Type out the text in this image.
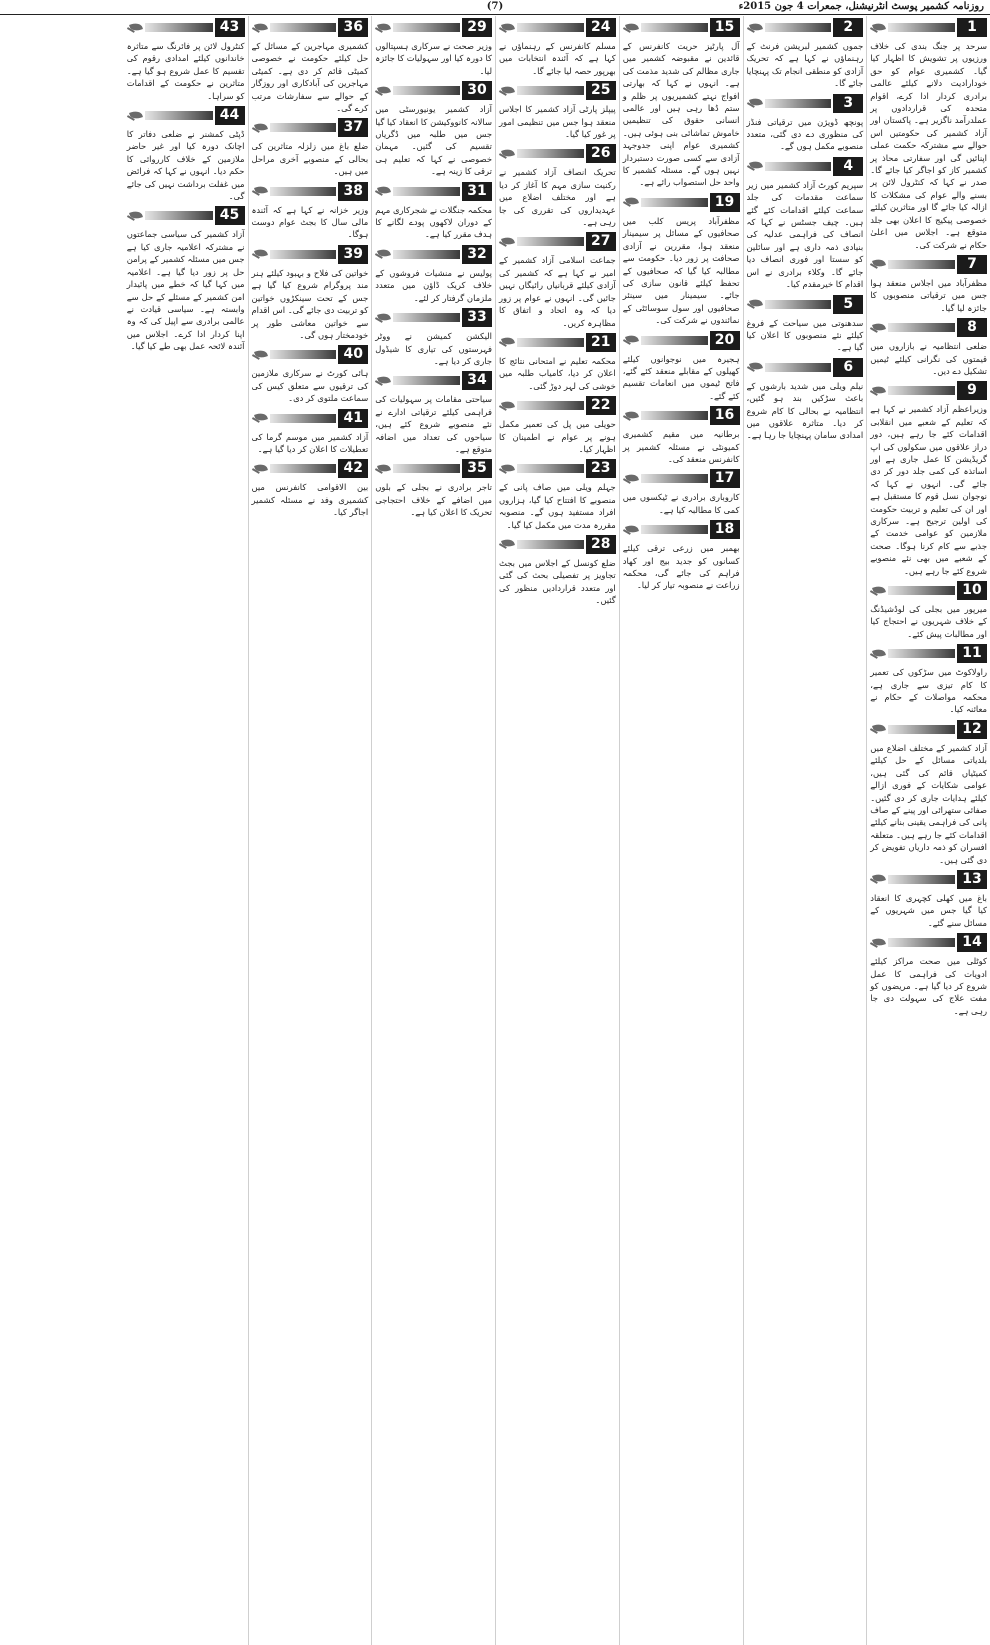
(7)	روزنامہ کشمیر پوسٹ انٹرنیشنل، جمعرات 4 جون 2015ء
1
سرحد پر جنگ بندی کی خلاف ورزیوں پر تشویش کا اظہار کیا گیا۔ کشمیری عوام کو حق خودارادیت دلانے کیلئے عالمی برادری کردار ادا کرے، اقوام متحدہ کی قراردادوں پر عملدرآمد ناگزیر ہے۔ پاکستان اور آزاد کشمیر کی حکومتیں اس حوالے سے مشترکہ حکمت عملی اپنائیں گی اور سفارتی محاذ پر کشمیر کاز کو اجاگر کیا جائے گا۔ صدر نے کہا کہ کنٹرول لائن پر بسنے والے عوام کی مشکلات کا ازالہ کیا جائے گا اور متاثرین کیلئے خصوصی پیکیج کا اعلان بھی جلد متوقع ہے۔ اجلاس میں اعلیٰ حکام نے شرکت کی۔
7
مظفرآباد میں اجلاس منعقد ہوا جس میں ترقیاتی منصوبوں کا جائزہ لیا گیا۔
8
ضلعی انتظامیہ نے بازاروں میں قیمتوں کی نگرانی کیلئے ٹیمیں تشکیل دے دیں۔
9
وزیراعظم آزاد کشمیر نے کہا ہے کہ تعلیم کے شعبے میں انقلابی اقدامات کئے جا رہے ہیں، دور دراز علاقوں میں سکولوں کی اپ گریڈیشن کا عمل جاری ہے اور اساتذہ کی کمی جلد دور کر دی جائے گی۔ انہوں نے کہا کہ نوجوان نسل قوم کا مستقبل ہے اور ان کی تعلیم و تربیت حکومت کی اولین ترجیح ہے۔ سرکاری ملازمین کو عوامی خدمت کے جذبے سے کام کرنا ہوگا۔ صحت کے شعبے میں بھی نئے منصوبے شروع کئے جا رہے ہیں۔
10
میرپور میں بجلی کی لوڈشیڈنگ کے خلاف شہریوں نے احتجاج کیا اور مطالبات پیش کئے۔
11
راولاکوٹ میں سڑکوں کی تعمیر کا کام تیزی سے جاری ہے، محکمہ مواصلات کے حکام نے معائنہ کیا۔
12
آزاد کشمیر کے مختلف اضلاع میں بلدیاتی مسائل کے حل کیلئے کمیٹیاں قائم کی گئی ہیں، عوامی شکایات کے فوری ازالے کیلئے ہدایات جاری کر دی گئیں۔ صفائی ستھرائی اور پینے کے صاف پانی کی فراہمی یقینی بنانے کیلئے اقدامات کئے جا رہے ہیں۔ متعلقہ افسران کو ذمہ داریاں تفویض کر دی گئی ہیں۔
13
باغ میں کھلی کچہری کا انعقاد کیا گیا جس میں شہریوں کے مسائل سنے گئے۔
14
کوٹلی میں صحت مراکز کیلئے ادویات کی فراہمی کا عمل شروع کر دیا گیا ہے۔ مریضوں کو مفت علاج کی سہولت دی جا رہی ہے۔
2
جموں کشمیر لبریشن فرنٹ کے رہنماؤں نے کہا ہے کہ تحریک آزادی کو منطقی انجام تک پہنچایا جائے گا۔
3
پونچھ ڈویژن میں ترقیاتی فنڈز کی منظوری دے دی گئی، متعدد منصوبے مکمل ہوں گے۔
4
سپریم کورٹ آزاد کشمیر میں زیر سماعت مقدمات کی جلد سماعت کیلئے اقدامات کئے گئے ہیں۔ چیف جسٹس نے کہا کہ انصاف کی فراہمی عدلیہ کی بنیادی ذمہ داری ہے اور سائلین کو سستا اور فوری انصاف دیا جائے گا۔ وکلاء برادری نے اس اقدام کا خیرمقدم کیا۔
5
سدھنوتی میں سیاحت کے فروغ کیلئے نئے منصوبوں کا اعلان کیا گیا ہے۔
6
نیلم ویلی میں شدید بارشوں کے باعث سڑکیں بند ہو گئیں، انتظامیہ نے بحالی کا کام شروع کر دیا۔ متاثرہ علاقوں میں امدادی سامان پہنچایا جا رہا ہے۔
15
آل پارٹیز حریت کانفرنس کے قائدین نے مقبوضہ کشمیر میں جاری مظالم کی شدید مذمت کی ہے۔ انہوں نے کہا کہ بھارتی افواج نہتے کشمیریوں پر ظلم و ستم ڈھا رہی ہیں اور عالمی انسانی حقوق کی تنظیمیں خاموش تماشائی بنی ہوئی ہیں۔ کشمیری عوام اپنی جدوجہد آزادی سے کسی صورت دستبردار نہیں ہوں گے۔ مسئلہ کشمیر کا واحد حل استصواب رائے ہے۔
19
مظفرآباد پریس کلب میں صحافیوں کے مسائل پر سیمینار منعقد ہوا، مقررین نے آزادی صحافت پر زور دیا۔ حکومت سے مطالبہ کیا گیا کہ صحافیوں کے تحفظ کیلئے قانون سازی کی جائے۔ سیمینار میں سینئر صحافیوں اور سول سوسائٹی کے نمائندوں نے شرکت کی۔
20
ہجیرہ میں نوجوانوں کیلئے کھیلوں کے مقابلے منعقد کئے گئے، فاتح ٹیموں میں انعامات تقسیم کئے گئے۔
16
برطانیہ میں مقیم کشمیری کمیونٹی نے مسئلہ کشمیر پر کانفرنس منعقد کی۔
17
کاروباری برادری نے ٹیکسوں میں کمی کا مطالبہ کیا ہے۔
18
بھمبر میں زرعی ترقی کیلئے کسانوں کو جدید بیج اور کھاد فراہم کی جائے گی، محکمہ زراعت نے منصوبہ تیار کر لیا۔
24
مسلم کانفرنس کے رہنماؤں نے کہا ہے کہ آئندہ انتخابات میں بھرپور حصہ لیا جائے گا۔
25
پیپلز پارٹی آزاد کشمیر کا اجلاس منعقد ہوا جس میں تنظیمی امور پر غور کیا گیا۔
26
تحریک انصاف آزاد کشمیر نے رکنیت سازی مہم کا آغاز کر دیا ہے اور مختلف اضلاع میں عہدیداروں کی تقرری کی جا رہی ہے۔
27
جماعت اسلامی آزاد کشمیر کے امیر نے کہا ہے کہ کشمیر کی آزادی کیلئے قربانیاں رائیگاں نہیں جائیں گی۔ انہوں نے عوام پر زور دیا کہ وہ اتحاد و اتفاق کا مظاہرہ کریں۔
21
محکمہ تعلیم نے امتحانی نتائج کا اعلان کر دیا، کامیاب طلبہ میں خوشی کی لہر دوڑ گئی۔
22
حویلی میں پل کی تعمیر مکمل ہونے پر عوام نے اطمینان کا اظہار کیا۔
23
جہلم ویلی میں صاف پانی کے منصوبے کا افتتاح کیا گیا، ہزاروں افراد مستفید ہوں گے۔ منصوبہ مقررہ مدت میں مکمل کیا گیا۔
28
ضلع کونسل کے اجلاس میں بجٹ تجاویز پر تفصیلی بحث کی گئی اور متعدد قراردادیں منظور کی گئیں۔
29
وزیر صحت نے سرکاری ہسپتالوں کا دورہ کیا اور سہولیات کا جائزہ لیا۔
30
آزاد کشمیر یونیورسٹی میں سالانہ کانووکیشن کا انعقاد کیا گیا جس میں طلبہ میں ڈگریاں تقسیم کی گئیں۔ مہمان خصوصی نے کہا کہ تعلیم ہی ترقی کا زینہ ہے۔
31
محکمہ جنگلات نے شجرکاری مہم کے دوران لاکھوں پودے لگانے کا ہدف مقرر کیا ہے۔
32
پولیس نے منشیات فروشوں کے خلاف کریک ڈاؤن میں متعدد ملزمان گرفتار کر لئے۔
33
الیکشن کمیشن نے ووٹر فہرستوں کی تیاری کا شیڈول جاری کر دیا ہے۔
34
سیاحتی مقامات پر سہولیات کی فراہمی کیلئے ترقیاتی ادارے نے نئے منصوبے شروع کئے ہیں، سیاحوں کی تعداد میں اضافہ متوقع ہے۔
35
تاجر برادری نے بجلی کے بلوں میں اضافے کے خلاف احتجاجی تحریک کا اعلان کیا ہے۔
36
کشمیری مہاجرین کے مسائل کے حل کیلئے حکومت نے خصوصی کمیٹی قائم کر دی ہے۔ کمیٹی مہاجرین کی آبادکاری اور روزگار کے حوالے سے سفارشات مرتب کرے گی۔
37
ضلع باغ میں زلزلہ متاثرین کی بحالی کے منصوبے آخری مراحل میں ہیں۔
38
وزیر خزانہ نے کہا ہے کہ آئندہ مالی سال کا بجٹ عوام دوست ہوگا۔
39
خواتین کی فلاح و بہبود کیلئے ہنر مند پروگرام شروع کیا گیا ہے جس کے تحت سینکڑوں خواتین کو تربیت دی جائے گی۔ اس اقدام سے خواتین معاشی طور پر خودمختار ہوں گی۔
40
ہائی کورٹ نے سرکاری ملازمین کی ترقیوں سے متعلق کیس کی سماعت ملتوی کر دی۔
41
آزاد کشمیر میں موسم گرما کی تعطیلات کا اعلان کر دیا گیا ہے۔
42
بین الاقوامی کانفرنس میں کشمیری وفد نے مسئلہ کشمیر اجاگر کیا۔
43
کنٹرول لائن پر فائرنگ سے متاثرہ خاندانوں کیلئے امدادی رقوم کی تقسیم کا عمل شروع ہو گیا ہے۔ متاثرین نے حکومت کے اقدامات کو سراہا۔
44
ڈپٹی کمشنر نے ضلعی دفاتر کا اچانک دورہ کیا اور غیر حاضر ملازمین کے خلاف کارروائی کا حکم دیا۔ انہوں نے کہا کہ فرائض میں غفلت برداشت نہیں کی جائے گی۔
45
آزاد کشمیر کی سیاسی جماعتوں نے مشترکہ اعلامیہ جاری کیا ہے جس میں مسئلہ کشمیر کے پرامن حل پر زور دیا گیا ہے۔ اعلامیہ میں کہا گیا کہ خطے میں پائیدار امن کشمیر کے مسئلے کے حل سے وابستہ ہے۔ سیاسی قیادت نے عالمی برادری سے اپیل کی کہ وہ اپنا کردار ادا کرے۔ اجلاس میں آئندہ لائحہ عمل بھی طے کیا گیا۔
